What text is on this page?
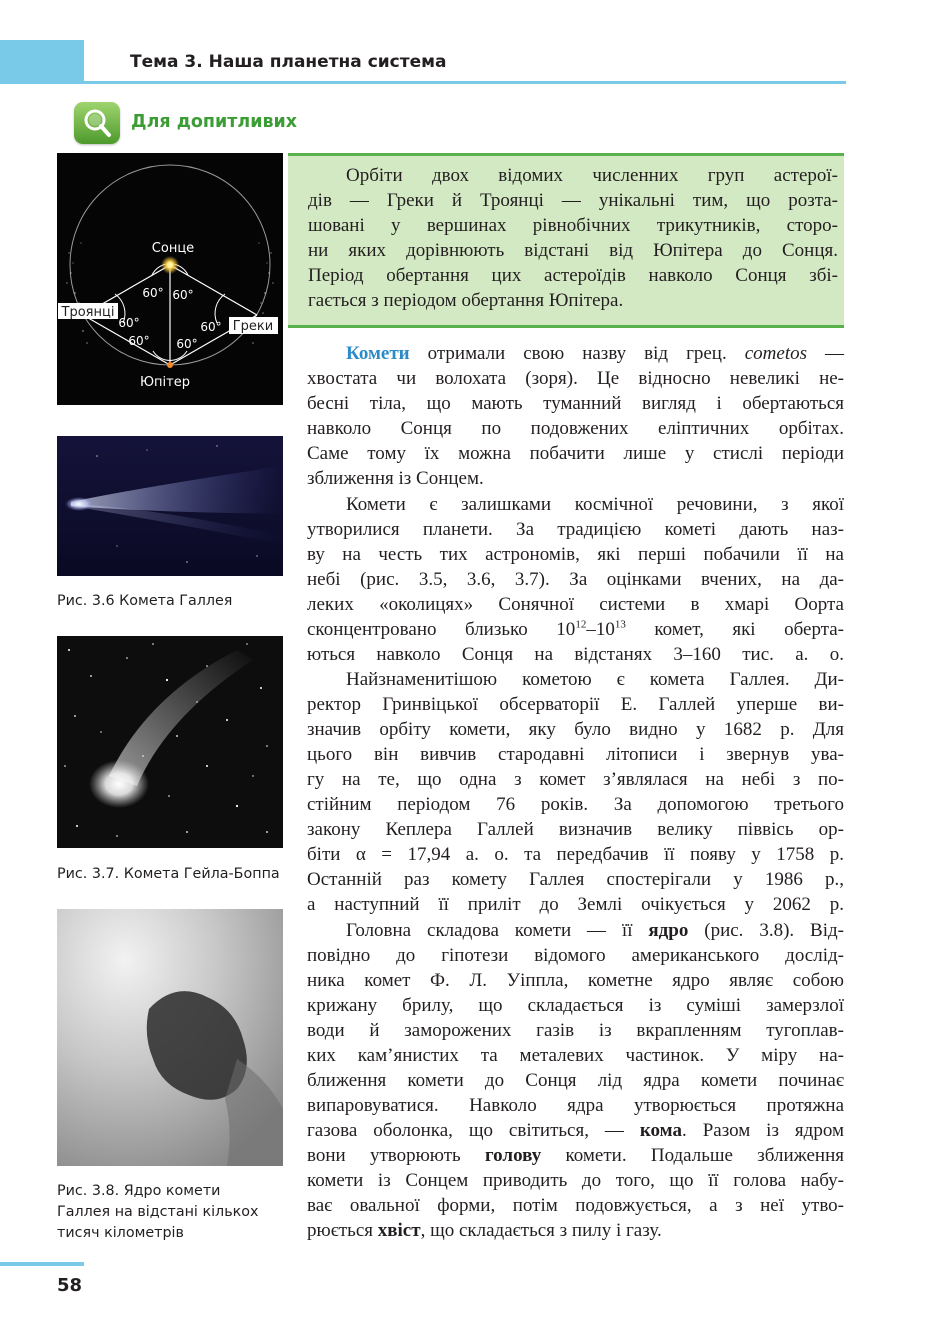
Тема 3. Наша планетна система
Для допитливих
Сонце
Юпітер
Троянці
Греки
60° 60°
60°	60°
60° 60°
Рис. 3.6 Комета Галлея
Рис. 3.7. Комета Гейла-Боппа
Рис. 3.8. Ядро комети
Галлея на відстані кількох
тисяч кілометрів
Орбіти двох відомих численних груп астерої-
дів — Греки й Троянці — унікальні тим, що розта-
шовані у вершинах рівнобічних трикутників, сторо-
ни яких дорівнюють відстані від Юпітера до Сонця.
Період обертання цих астероїдів навколо Сонця збі-
гається з періодом обертання Юпітера.
Комети отримали свою назву від грец. cometos —
хвостата чи волохата (зоря). Це відносно невеликі не-
бесні тіла, що мають туманний вигляд і обертаються
навколо Сонця по подовжених еліптичних орбітах.
Саме тому їх можна побачити лише у стислі періоди
зближення із Сонцем.
Комети є залишками космічної речовини, з якої
утворилися планети. За традицією кометі дають наз-
ву на честь тих астрономів, які перші побачили її на
небі (рис. 3.5, 3.6, 3.7). За оцінками вчених, на да-
леких «околицях» Сонячної системи в хмарі Оорта
сконцентровано близько $10^{12}-10^{13}$ комет, які оберта-
ються навколо Сонця на відстанях 3–160 тис. а. о.
Найзнаменитішою кометою є комета Галлея. Ди-
ректор Гринвіцької обсерваторії Е. Галлей уперше ви-
значив орбіту комети, яку було видно у 1682 р. Для
цього він вивчив стародавні літописи і звернув ува-
гу на те, що одна з комет з’являлася на небі з по-
стійним періодом 76 років. За допомогою третього
закону Кеплера Галлей визначив велику піввісь ор-
біти α = 17,94 а. о. та передбачив її появу у 1758 р.
Останній раз комету Галлея спостерігали у 1986 р.,
а наступний її приліт до Землі очікується у 2062 р.
Головна складова комети — її ядро (рис. 3.8). Від-
повідно до гіпотези відомого американського дослід-
ника комет Ф. Л. Уіппла, кометне ядро являє собою
крижану брилу, що складається із суміші замерзлої
води й заморожених газів із вкрапленням тугоплав-
ких кам’янистих та металевих частинок. У міру на-
ближення комети до Сонця лід ядра комети починає
випаровуватися. Навколо ядра утворюється протяжна
газова оболонка, що світиться, — кома. Разом із ядром
вони утворюють голову комети. Подальше зближення
комети із Сонцем приводить до того, що її голова набу-
ває овальної форми, потім подовжується, а з неї утво-
рюється хвіст, що складається з пилу і газу.
58
